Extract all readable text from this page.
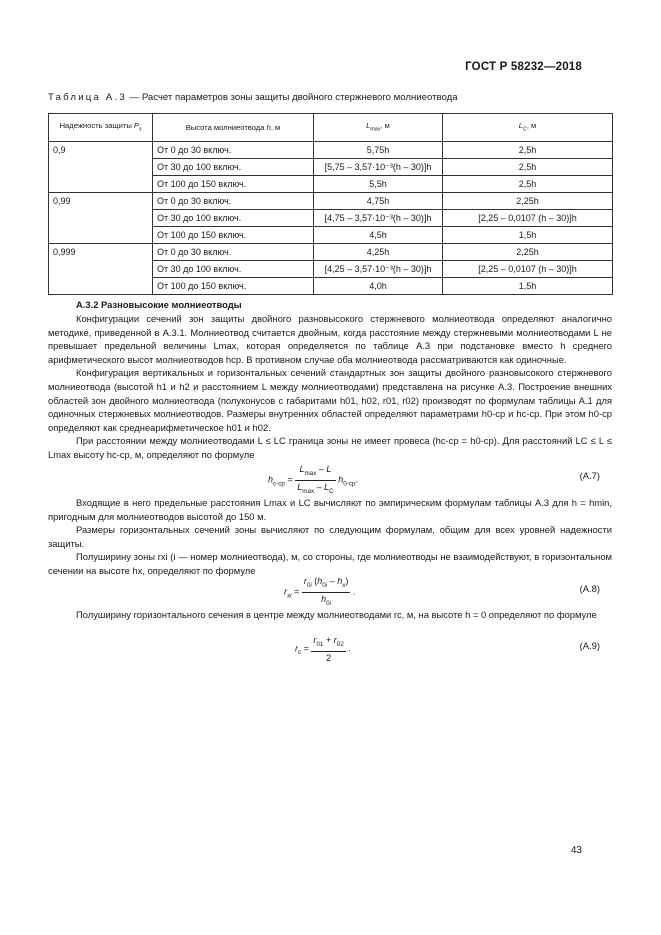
ГОСТ Р 58232—2018
Таблица А.3 — Расчет параметров зоны защиты двойного стержневого молниеотвода
Надежность защиты $P_з$	Высота молниеотвода h, м	$L_{max}$, м	$L_C$, м
0,9	От 0 до 30 включ.	5,75h	2,5h
	От 30 до 100 включ.	[5,75 – 3,57·10⁻³(h – 30)]h	2,5h
	От 100 до 150 включ.	5,5h	2,5h
0,99	От 0 до 30 включ.	4,75h	2,25h
	От 30 до 100 включ.	[4,75 – 3,57·10⁻³(h – 30)]h	[2,25 – 0,0107 (h – 30)]h
	От 100 до 150 включ.	4,5h	1,5h
0,999	От 0 до 30 включ.	4,25h	2,25h
	От 30 до 100 включ.	[4,25 – 3,57·10⁻³(h – 30)]h	[2,25 – 0,0107 (h – 30)]h
	От 100 до 150 включ.	4,0h	1,5h
А.3.2 Разновысокие молниеотводы

Конфигурации сечений зон защиты двойного разновысокого стержневого молниеотвода определяют аналогично методике, приведенной в А.3.1. Молниеотвод считается двойным, когда расстояние между стержневыми молниеотводами L не превышает предельной величины Lmax, которая определяется по таблице А.3 при подстановке вместо h среднего арифметического высот молниеотводов hср. В противном случае оба молниеотвода рассматриваются как одиночные.

Конфигурация вертикальных и горизонтальных сечений стандартных зон защиты двойного разновысокого стержневого молниеотвода (высотой h1 и h2 и расстоянием L между молниеотводами) представлена на рисунке А.3. Построение внешних областей зон двойного молниеотвода (полуконусов с габаритами h01, h02, r01, r02) производят по формулам таблицы А.1 для одиночных стержневых молниеотводов. Размеры внутренних областей определяют параметрами h0-ср и hc-ср. При этом h0-ср определяют как среднеарифметическое h01 и h02.

При расстоянии между молниеотводами L ≤ LC граница зоны не имеет провеса (hc-ср = h0-ср). Для расстояний LC ≤ L ≤ Lmax высоту hc-ср, м, определяют по формуле

$h_{c-cp} = \frac{L_{max} - L}{L_{max} - L_C} h_{0-cp}$.	(А.7)

Входящие в него предельные расстояния Lmax и LC вычисляют по эмпирическим формулам таблицы А.3 для h = hmin, пригодным для молниеотводов высотой до 150 м.

Размеры горизонтальных сечений зоны вычисляют по следующим формулам, общим для всех уровней надежности защиты.

Полуширину зоны rxi (i — номер молниеотвода), м, со стороны, где молниеотводы не взаимодействуют, в горизонтальном сечении на высоте hx, определяют по формуле

$r_{xi} = \frac{r_{0i} (h_{0i} - h_x)}{h_{0i}}$ .	(А.8)

Полуширину горизонтального сечения в центре между молниеотводами rc, м, на высоте h = 0 определяют по формуле

$r_c = \frac{r_{01} + r_{02}}{2}$ .	(А.9)
43
